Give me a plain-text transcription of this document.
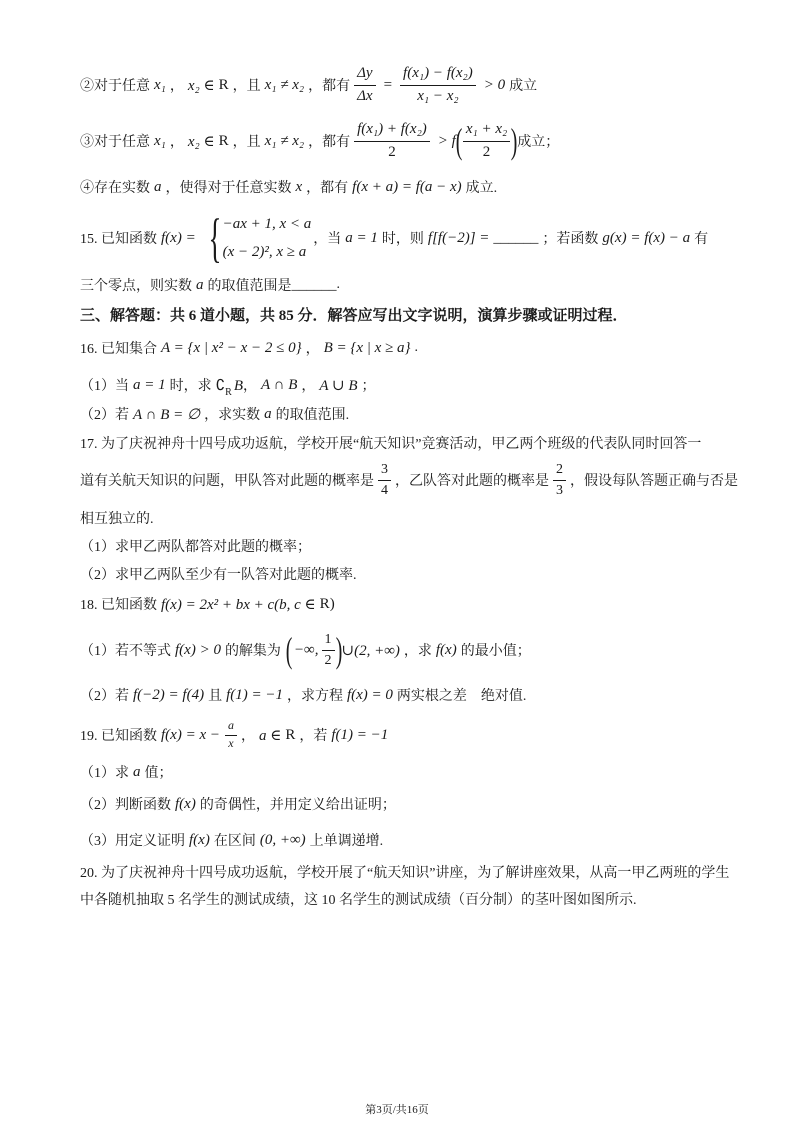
②对于任意 x₁ ， x₂ ∈ R ，且 x₁ ≠ x₂ ，都有 $\frac{\Delta y}{\Delta x} = \frac{\text{f(x₁) − f(x₂)}}{\text{x₁ − x₂}} > 0$ 成立
③对于任意 x₁ ， x₂ ∈ R ，且 x₁ ≠ x₂ ，都有 $\frac{\text{f(x₁) + f(x₂)}}{2} > f$ ( $\frac{\text{x₁ + x₂}}{2}$ ) 成立；
④存在实数 a ，使得对于任意实数 x ，都有 f(x + a) = f(a − x) 成立.
15. 已知函数 f(x) = { −ax + 1, x < a
(x − 2)², x ≥ a
，当 a = 1 时，则 f[f(−2)] = ______ ；若函数 g(x) = f(x) − a 有
三个零点，则实数 a 的取值范围是 ______ .
三、解答题：共 6 道小题，共 85 分．解答应写出文字说明，演算步骤或证明过程．
16. 已知集合 A = {x | x² − x − 2 ≤ 0} ， B = {x | x ≥ a} .
（1）当 a = 1 时，求 $∁_R$ B ， A ∩ B ， A ∪ B ；
（2）若 A ∩ B = ∅ ，求实数 a 的取值范围.
17. 为了庆祝神舟十四号成功返航，学校开展“航天知识”竞赛活动，甲乙两个班级的代表队同时回答一
道有关航天知识的问题，甲队答对此题的概率是 $\frac{3}{4}$ ，乙队答对此题的概率是 $\frac{2}{3}$ ，假设每队答题正确与否是
相互独立的.
（1）求甲乙两队都答对此题的概率；
（2）求甲乙两队至少有一队答对此题的概率.
18. 已知函数 f(x) = 2x² + bx + c(b, c ∈ R )
（1）若不等式 f(x) > 0 的解集为 ( −∞, $\frac{1}{2}$ ) ∪(2, +∞) ，求 f(x) 的最小值；
（2）若 f(−2) = f(4) 且 f(1) = −1 ，求方程 f(x) = 0 两实根之差　绝对值.
19. 已知函数 $f(x) = x - \frac{a}{x}$ ， a ∈ R ，若 f(1) = −1
（1）求 a 值；
（2）判断函数 f(x) 的奇偶性，并用定义给出证明；
（3）用定义证明 f(x) 在区间 (0, +∞) 上单调递增.
20. 为了庆祝神舟十四号成功返航，学校开展了“航天知识”讲座，为了解讲座效果，从高一甲乙两班的学生
中各随机抽取 5 名学生的测试成绩，这 10 名学生的测试成绩（百分制）的茎叶图如图所示.
第3页/共16页
